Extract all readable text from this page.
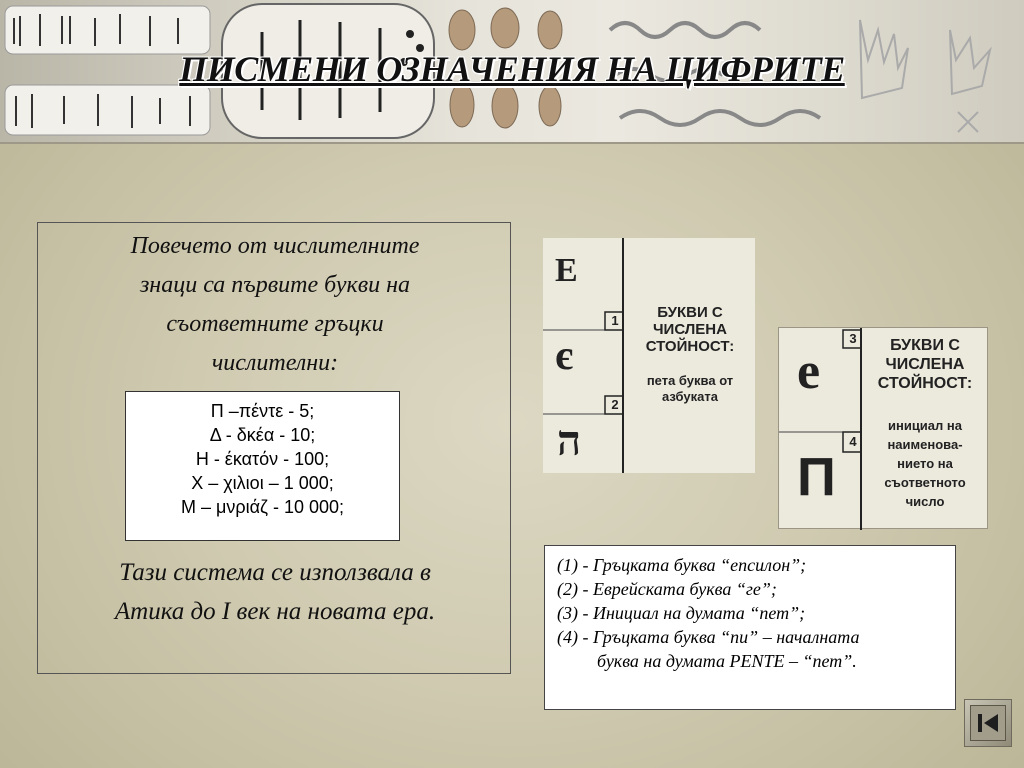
ПИСМЕНИ ОЗНАЧЕНИЯ НА ЦИФРИТЕ
Повечето от числителните
знаци са първите букви на
съответните гръцки
числителни:
Π –πέντε - 5;
Δ - δκέα - 10;
Η - έκατόν - 100;
Χ – χιλιοι – 1 000;
Μ – μνριάζ - 10 000;
Тази система се използвала в
Атика до I век на новата ера.
Е
є
ה
1
2
БУКВИ С
ЧИСЛЕНА
СТОЙНОСТ:
пета буква от
азбуката	е
П
3
4
БУКВИ С
ЧИСЛЕНА
СТОЙНОСТ:
инициал на
наименова-
нието на
съответното
число
(1) - Гръцката буква “епсилон”;
(2) - Еврейската буква “ге”;
(3) - Инициал на думата “пет”;
(4) - Гръцката буква “пи” – началната
буква на думата PENTE – “пет”.
